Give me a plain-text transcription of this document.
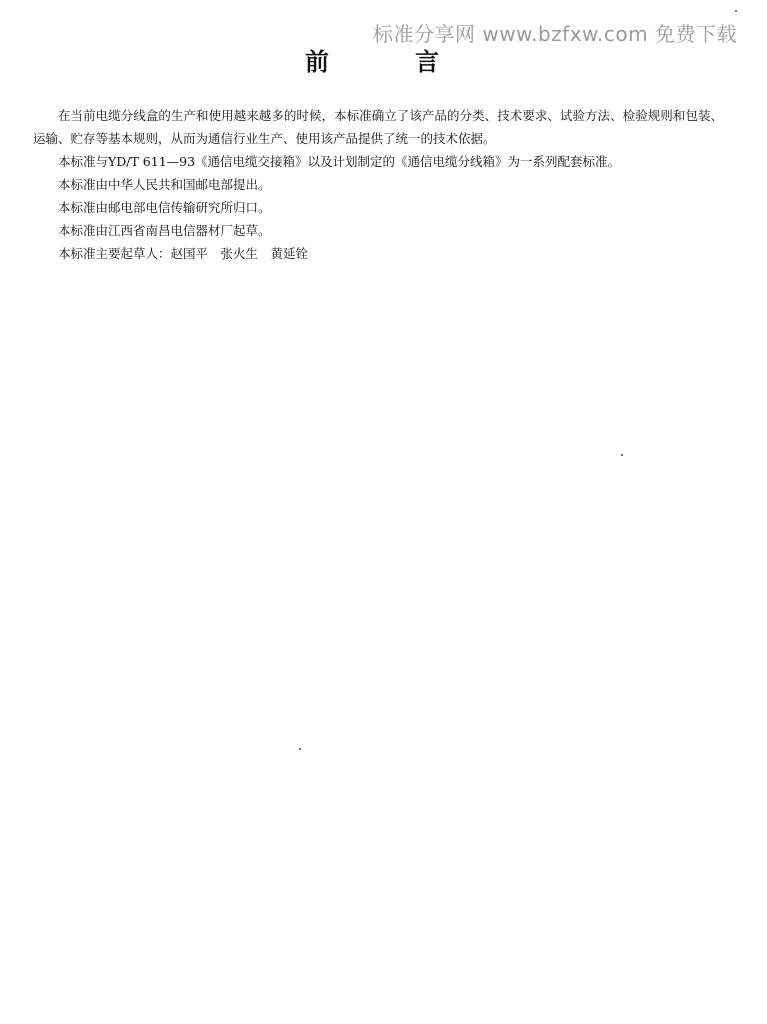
标准分享网 www.bzfxw.com 免费下载
前	言

在当前电缆分线盒的生产和使用越来越多的时候，本标准确立了该产品的分类、技术要求、试验方法、检验规则和包装、运输、贮存等基本规则，从而为通信行业生产、使用该产品提供了统一的技术依据。

本标准与YD/T 611—93《通信电缆交接箱》以及计划制定的《通信电缆分线箱》为一系列配套标准。

本标准由中华人民共和国邮电部提出。

本标准由邮电部电信传输研究所归口。

本标准由江西省南昌电信器材厂起草。

本标准主要起草人：赵国平　张火生　黄延铨
